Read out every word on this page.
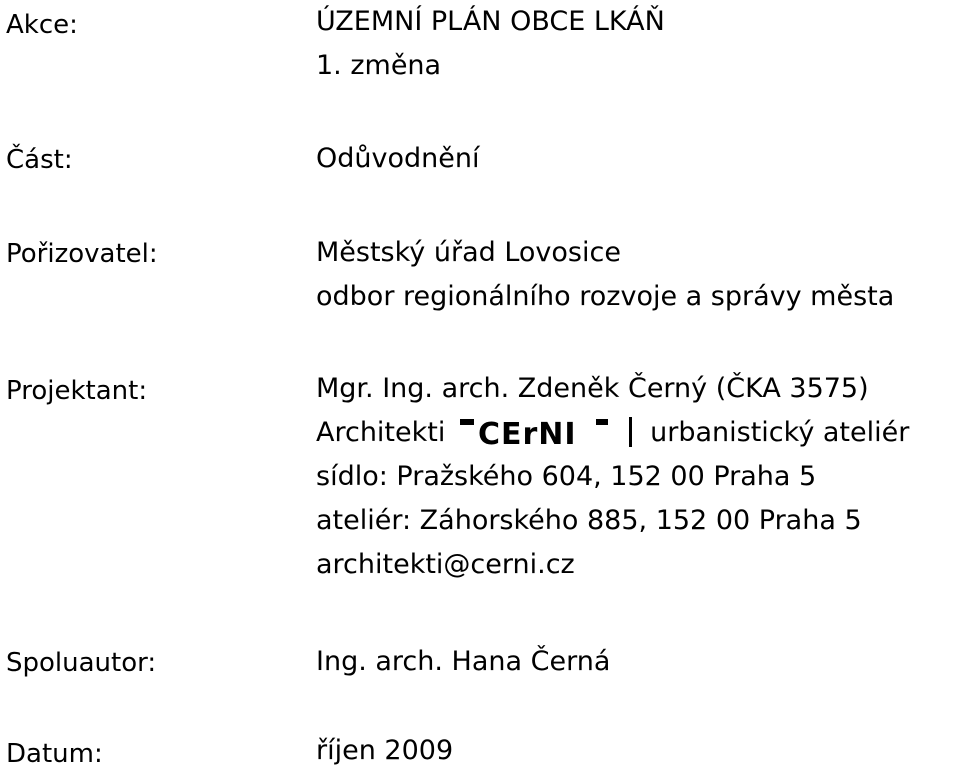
Akce:	ÚZEMNÍ PLÁN OBCE LKÁŇ
1. změna
Část:	Odůvodnění
Pořizovatel:	Městský úřad Lovosice
odbor regionálního rozvoje a správy města
Projektant:	Mgr. Ing. arch. Zdeněk Černý (ČKA 3575)
Architekti CErNI	urbanistický ateliér
sídlo: Pražského 604, 152 00 Praha 5
ateliér: Záhorského 885, 152 00 Praha 5
architekti@cerni.cz
Spoluautor:	Ing. arch. Hana Černá
Datum:	říjen 2009
